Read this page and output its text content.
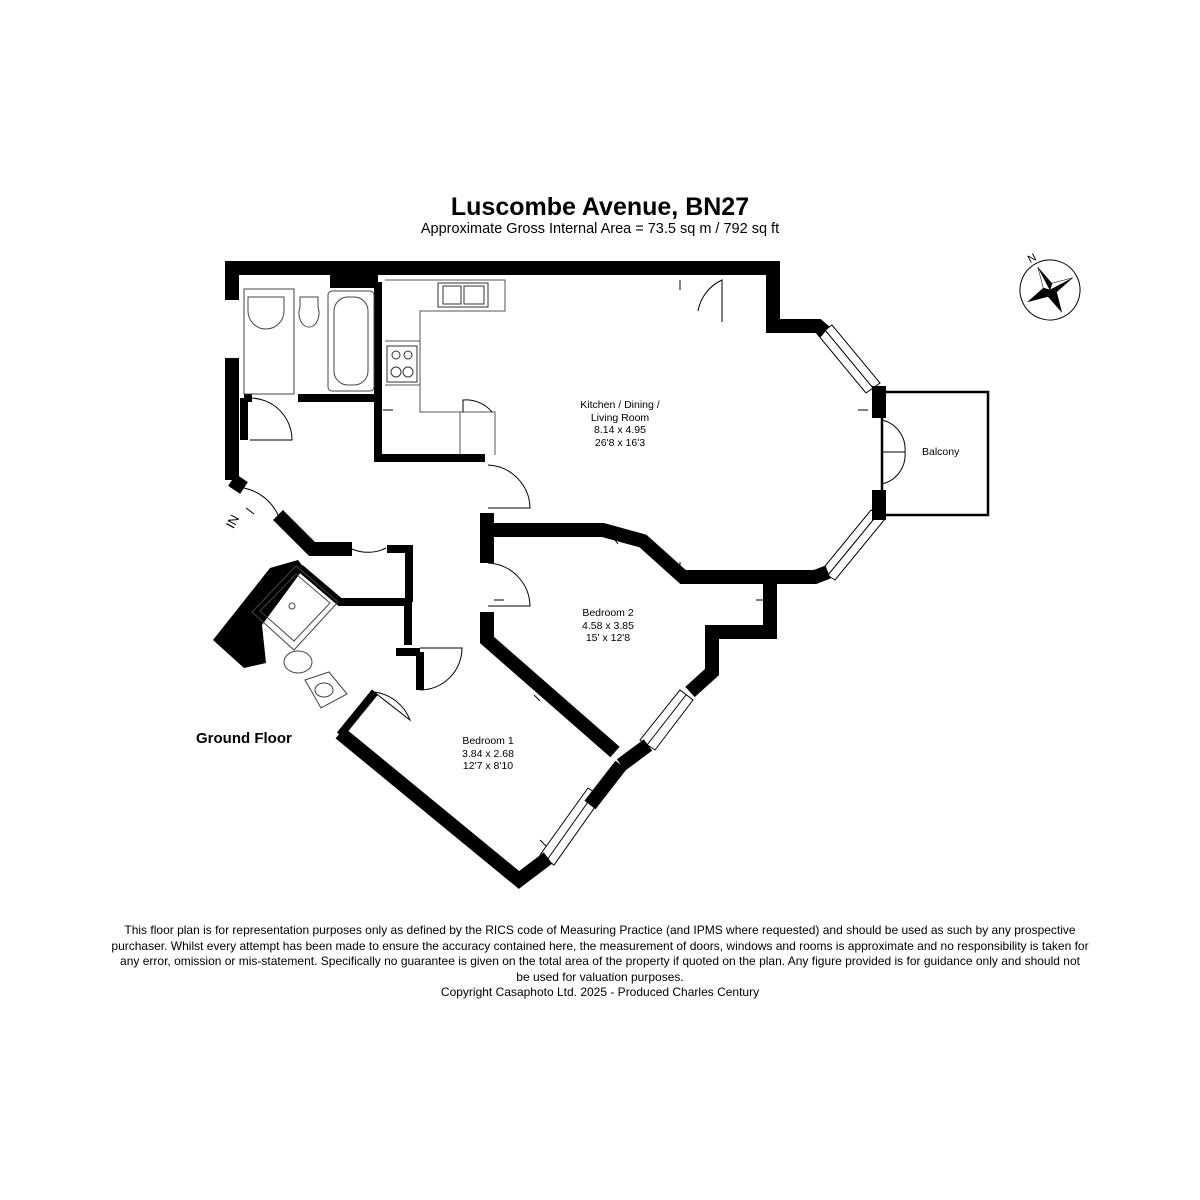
Luscombe Avenue, BN27
Approximate Gross Internal Area = 73.5 sq m / 792 sq ft
N
Kitchen / Dining /
Living Room
8.14 x 4.95
26'8 x 16'3
Bedroom 2
4.58 x 3.85
15' x 12'8
Bedroom 1
3.84 x 2.68
12'7 x 8'10
Balcony
IN
Ground Floor
This floor plan is for representation purposes only as defined by the RICS code of Measuring Practice (and IPMS where requested) and should be used as such by any prospective
purchaser. Whilst every attempt has been made to ensure the accuracy contained here, the measurement of doors, windows and rooms is approximate and no responsibility is taken for
any error, omission or mis-statement. Specifically no guarantee is given on the total area of the property if quoted on the plan. Any figure provided is for guidance only and should not
be used for valuation purposes.
Copyright Casaphoto Ltd. 2025 - Produced Charles Century
